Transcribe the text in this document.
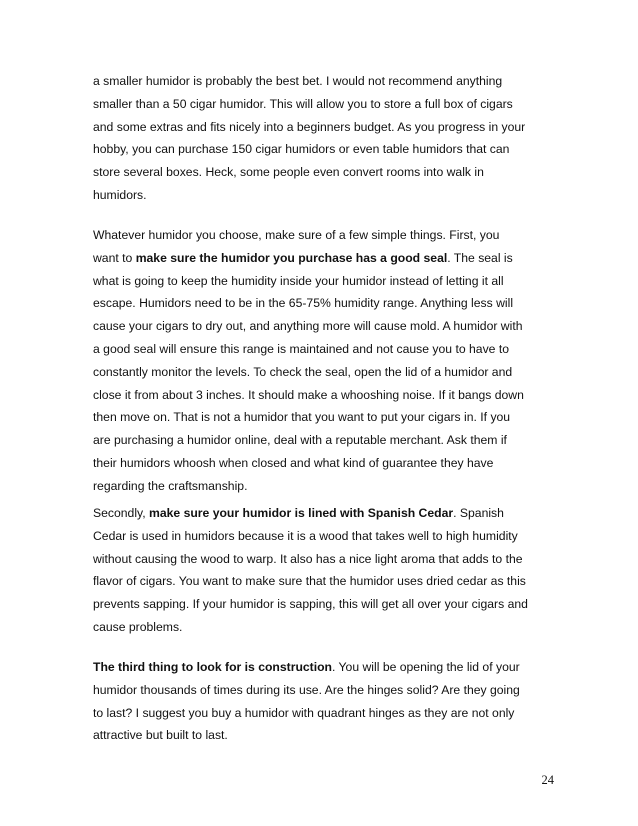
a smaller humidor is probably the best bet. I would not recommend anything
smaller than a 50 cigar humidor. This will allow you to store a full box of cigars
and some extras and fits nicely into a beginners budget. As you progress in your
hobby, you can purchase 150 cigar humidors or even table humidors that can
store several boxes. Heck, some people even convert rooms into walk in
humidors.
Whatever humidor you choose, make sure of a few simple things. First, you
want to make sure the humidor you purchase has a good seal. The seal is
what is going to keep the humidity inside your humidor instead of letting it all
escape. Humidors need to be in the 65-75% humidity range. Anything less will
cause your cigars to dry out, and anything more will cause mold. A humidor with
a good seal will ensure this range is maintained and not cause you to have to
constantly monitor the levels. To check the seal, open the lid of a humidor and
close it from about 3 inches. It should make a whooshing noise. If it bangs down
then move on. That is not a humidor that you want to put your cigars in. If you
are purchasing a humidor online, deal with a reputable merchant. Ask them if
their humidors whoosh when closed and what kind of guarantee they have
regarding the craftsmanship.
Secondly, make sure your humidor is lined with Spanish Cedar. Spanish
Cedar is used in humidors because it is a wood that takes well to high humidity
without causing the wood to warp. It also has a nice light aroma that adds to the
flavor of cigars. You want to make sure that the humidor uses dried cedar as this
prevents sapping. If your humidor is sapping, this will get all over your cigars and
cause problems.
The third thing to look for is construction. You will be opening the lid of your
humidor thousands of times during its use. Are the hinges solid? Are they going
to last? I suggest you buy a humidor with quadrant hinges as they are not only
attractive but built to last.
24
